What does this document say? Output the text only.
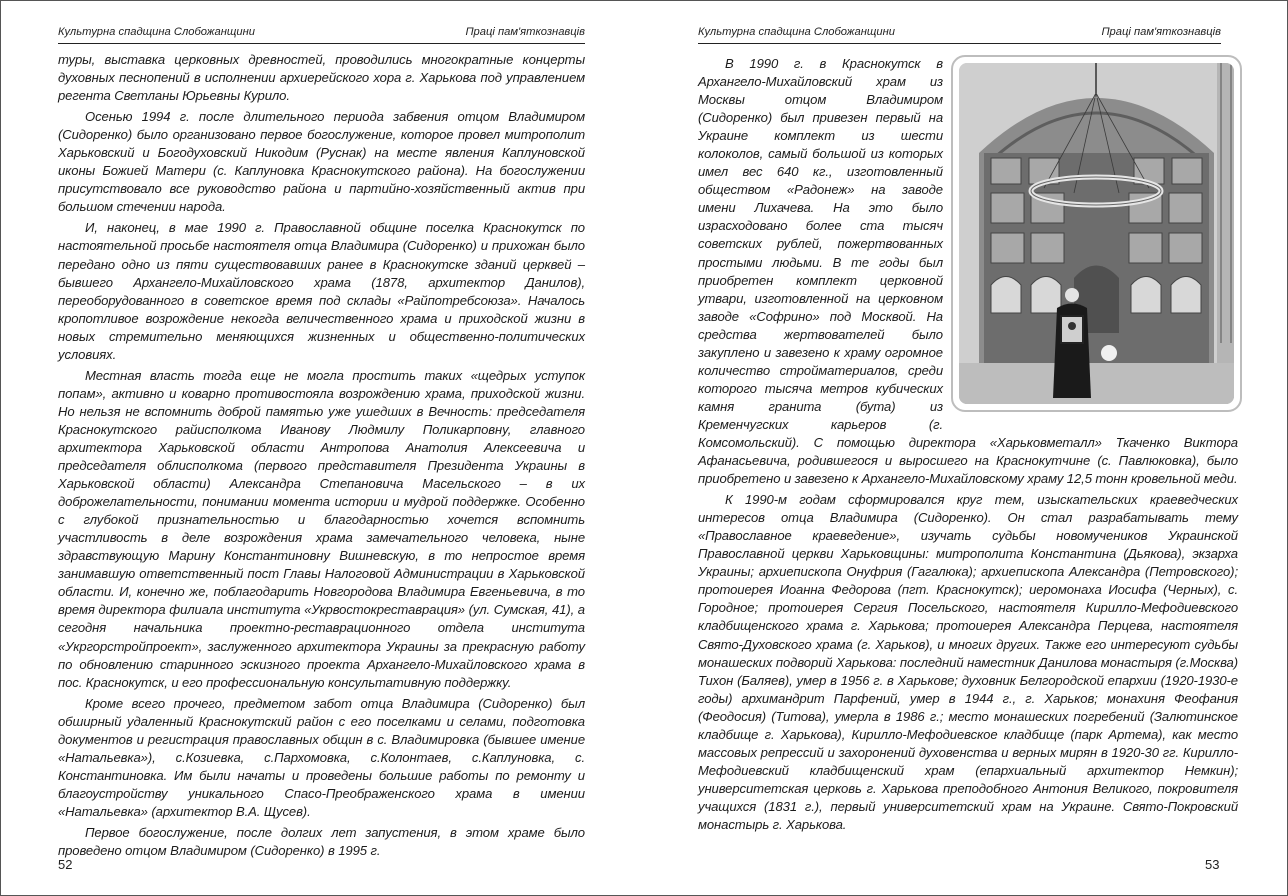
Культурна спадщина Слобожанщини	Праці пам'яткознавців

туры, выставка церковных древностей, проводились многократные концерты духовных песнопений в исполнении архиерейского хора г. Харькова под управлением регента Светланы Юрьевны Курило.

Осенью 1994 г. после длительного периода забвения отцом Владимиром (Сидоренко) было организовано первое богослужение, которое провел митрополит Харьковский и Богодуховский Никодим (Руснак) на месте явления Каплуновской иконы Божией Матери (с. Каплуновка Краснокутского района). На богослужении присутствовало все руководство района и партийно-хозяйственный актив при большом стечении народа.

И, наконец, в мае 1990 г. Православной общине поселка Краснокутск по настоятельной просьбе настоятеля отца Владимира (Сидоренко) и прихожан было передано одно из пяти существовавших ранее в Краснокутске зданий церквей – бывшего Архангело-Михайловского храма (1878, архитектор Данилов), переоборудованного в советское время под склады «Райпотребсоюза». Началось кропотливое возрождение некогда величественного храма и приходской жизни в новых стремительно меняющихся жизненных и общественно-политических условиях.

Местная власть тогда еще не могла простить таких «щедрых уступок попам», активно и коварно противостояла возрождению храма, приходской жизни. Но нельзя не вспомнить доброй памятью уже ушедших в Вечность: председателя Краснокутского райисполкома Иванову Людмилу Поликарповну, главного архитектора Харьковской области Антропова Анатолия Алексеевича и председателя облисполкома (первого представителя Президента Украины в Харьковской области) Александра Степановича Масельского – в их доброжелательности, понимании момента истории и мудрой поддержке. Особенно с глубокой признательностью и благодарностью хочется вспомнить участливость в деле возрождения храма замечательного человека, ныне здравствующую Марину Константиновну Вишневскую, в то непростое время занимавшую ответственный пост Главы Налоговой Администрации в Харьковской области. И, конечно же, поблагодарить Новгородова Владимира Евгеньевича, в то время директора филиала института «Укрвостокреставрация» (ул. Сумская, 41), а сегодня начальника проектно-реставрационного отдела института «Укргорстройпроект», заслуженного архитектора Украины за прекрасную работу по обновлению старинного эскизного проекта Архангело-Михайловского храма в пос. Краснокутск, и его профессиональную консультативную поддержку.

Кроме всего прочего, предметом забот отца Владимира (Сидоренко) был обширный удаленный Краснокутский район с его поселками и селами, подготовка документов и регистрация православных общин в с. Владимировка (бывшее имение «Натальевка»), с.Козиевка, с.Пархомовка, с.Колонтаев, с.Каплуновка, с. Константиновка. Им были начаты и проведены большие работы по ремонту и благоустройству уникального Спасо-Преображенского храма в имении «Натальевка» (архитектор В.А. Щусев).

Первое богослужение, после долгих лет запустения, в этом храме было проведено отцом Владимиром (Сидоренко) в 1995 г.

52
Культурна спадщина Слобожанщини	Праці пам'яткознавців

В 1990 г. в Краснокутск в Архангело-Михайловский храм из Москвы отцом Владимиром (Сидоренко) был привезен первый на Украине комплект из шести колоколов, самый большой из которых имел вес 640 кг., изготовленный обществом «Радонеж» на заводе имени Лихачева. На это было израсходовано более ста тысяч советских рублей, пожертвованных простыми людьми. В те годы был приобретен комплект церковной утвари, изготовленной на церковном заводе «Софрино» под Москвой. На средства жертвователей было закуплено и завезено к храму огромное количество стройматериалов, среди которого тысяча метров кубических камня гранита (бута) из Кременчугских карьеров (г. Комсомольский). С помощью директора «Харьковметалл» Ткаченко Виктора Афанасьевича, родившегося и выросшего на Краснокутчине (с. Павлюковка), было приобретено и завезено к Архангело-Михайловскому храму 12,5 тонн кровельной меди.

К 1990-м годам сформировался круг тем, изыскательских краеведческих интересов отца Владимира (Сидоренко). Он стал разрабатывать тему «Православное краеведение», изучать судьбы новомучеников Украинской Православной церкви Харьковщины: митрополита Константина (Дьякова), экзарха Украины; архиепископа Онуфрия (Гагалюка); архиепископа Александра (Петровского); протоиерея Иоанна Федорова (пгт. Краснокутск); иеромонаха Иосифа (Черных), с. Городное; протоиерея Сергия Посельского, настоятеля Кирилло-Мефодиевского кладбищенского храма г. Харькова; протоиерея Александра Перцева, настоятеля Свято-Духовского храма (г. Харьков), и многих других. Также его интересуют судьбы монашеских подворий Харькова: последний наместник Данилова монастыря (г.Москва) Тихон (Баляев), умер в 1956 г. в Харькове; духовник Белгородской епархии (1920-1930-е годы) архимандрит Парфений, умер в 1944 г., г. Харьков; монахиня Феофания (Феодосия) (Титова), умерла в 1986 г.; место монашеских погребений (Залютинское кладбище г. Харькова), Кирилло-Мефодиевское кладбище (парк Артема), как место массовых репрессий и захоронений духовенства и верных мирян в 1920-30 гг. Кирилло-Мефодиевский кладбищенский храм (епархиальный архитектор Немкин); университетская церковь г. Харькова преподобного Антония Великого, покровителя учащихся (1831 г.), первый университетский храм на Украине. Свято-Покровский монастырь г. Харькова.

53
